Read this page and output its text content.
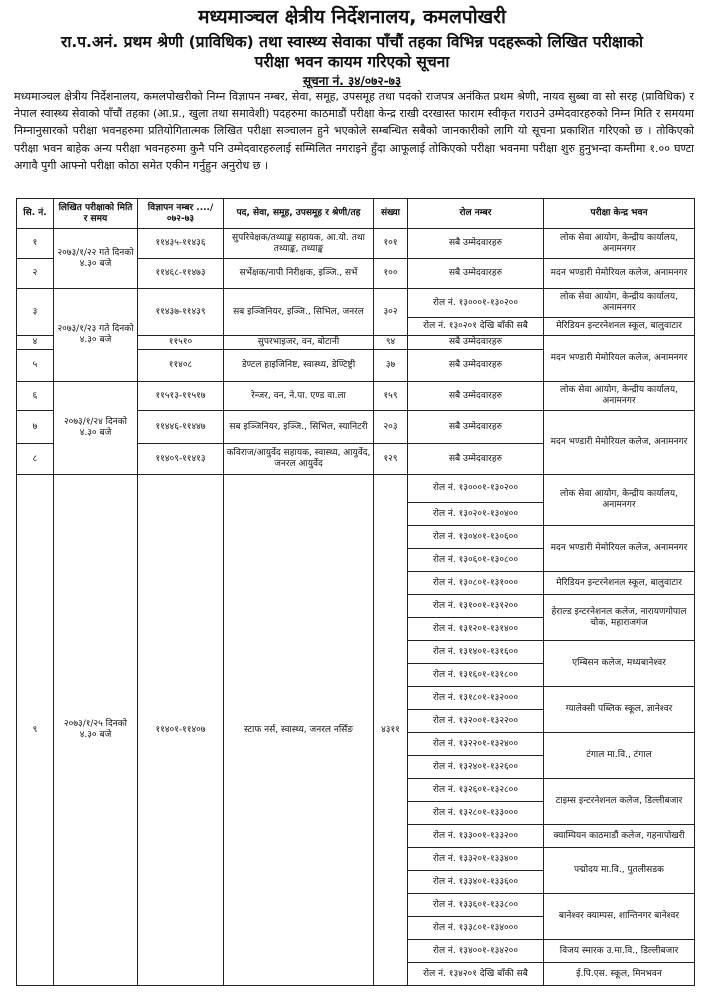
मध्यमाञ्चल क्षेत्रीय निर्देशनालय, कमलपोखरी
रा.प.अनं. प्रथम श्रेणी (प्राविधिक) तथा स्वास्थ्य सेवाका पाँचौं तहका विभिन्न पदहरूको लिखित परीक्षाको
परीक्षा भवन कायम गरिएको सूचना
सूचना नं. ३४/०७२-७३

मध्यमाञ्चल क्षेत्रीय निर्देशनालय, कमलपोखरीको निम्न विज्ञापन नम्बर, सेवा, समूह, उपसमूह तथा पदको राजपत्र अनंकित प्रथम श्रेणी, नायव सुब्बा वा सो सरह (प्राविधिक) र नेपाल स्वास्थ्य सेवाको पाँचौं तहका (आ.प्र., खुला तथा समावेशी) पदहरुमा काठमाडौं परीक्षा केन्द्र राखी दरखास्त फाराम स्वीकृत गराउने उम्मेदवारहरुको निम्न मिति र समयमा निम्नानुसारको परीक्षा भवनहरुमा प्रतियोगितात्मक लिखित परीक्षा सञ्चालन हुने भएकोले सम्बन्धित सबैको जानकारीको लागि यो सूचना प्रकाशित गरिएको छ । तोकिएको परीक्षा भवन बाहेक अन्य परीक्षा भवनहरुमा कुनै पनि उम्मेदवारहरुलाई सम्मिलित नगराइने हुँदा आफूलाई तोकिएको परीक्षा भवनमा परीक्षा शुरु हुनुभन्दा कम्तीमा १.०० घण्टा अगावै पुगी आफ्नो परीक्षा कोठा समेत एकीन गर्नुहुन अनुरोध छ ।

सि. नं.	लिखित परीक्षाको मिति र समय	विज्ञापन नम्बर ..../०७२-७३	पद, सेवा, समूह, उपसमूह र श्रेणी/तह	संख्या	रोल नम्बर	परीक्षा केन्द्र भवन
१	२०७३/१/२२ गते दिनको ४.३० बजे	११४३५-११४३६	सुपरिवेक्षक/तथ्याङ्क सहायक, आ.यो. तथा तथ्याङ्क, तथ्याङ्क	१०१	सबै उम्मेदवारहरु	लोक सेवा आयोग, केन्द्रीय कार्यालय, अनामनगर
२		११४६८-११४७३	सर्भेक्षक/नापी निरीक्षक, इञ्जि., सर्भे	१००	सबै उम्मेदवारहरु	मदन भण्डारी मेमोरियल कलेज, अनामनगर
३	२०७३/१/२३ गते दिनको ४.३० बजे	११४३७-११४३९	सब इञ्जिनियर, इञ्जि., सिभिल, जनरल	३०२	रोल नं. १३०००१-१३०२००	लोक सेवा आयोग, केन्द्रीय कार्यालय, अनामनगर
					रोल नं. १३०२०१ देखि बाँकी सबै	मेरिडियन इन्टरनेशनल स्कूल, बालुवाटार
४		११५१०	सुपरभाइजर, वन, बोटानी	९४	सबै उम्मेदवारहरु	मदन भण्डारी मेमोरियल कलेज, अनामनगर
५		११४०८	डेण्टल हाइजिनिष्ट, स्वास्थ्य, डेण्टिष्ट्री	३७	सबै उम्मेदवारहरु	
६	२०७३/१/२४ दिनको ४.३० बजे	११५१३-११५१७	रेन्जर, वन, ने.पा. एण्ड वा.ला	१५९	सबै उम्मेदवारहरु	लोक सेवा आयोग, केन्द्रीय कार्यालय, अनामनगर
७		११४४६-११४४७	सब इञ्जिनियर, इञ्जि., सिभिल, स्यानिटरी	२०३	सबै उम्मेदवारहरु	मदन भण्डारी मेमोरियल कलेज, अनामनगर
८		११४०९-११४१३	कविराज/आयुर्वेद सहायक, स्वास्थ्य, आयुर्वेद, जनरल आयुर्वेद	१२९	सबै उम्मेदवारहरु	
९	२०७३/१/२५ दिनको ४.३० बजे	११४०१-११४०७	स्टाफ नर्स, स्वास्थ्य, जनरल नर्सिङ	४३११	रोल नं. १३०००१-१३०२००	लोक सेवा आयोग, केन्द्रीय कार्यालय, अनामनगर
					रोल नं. १३०२०१-१३०४००	
					रोल नं. १३०४०१-१३०६००	मदन भण्डारी मेमोरियल कलेज, अनामनगर
					रोल नं. १३०६०१-१३०८००	
					रोल नं. १३०८०१-१३१०००	मेरिडियन इन्टरनेशनल स्कूल, बालुवाटार
					रोल नं. १३१००१-१३१२००	हेराल्ड इन्टरनेशनल कलेज, नारायणगोपाल चोक, महाराजगंज
					रोल नं. १३१२०१-१३१४००	
					रोल नं. १३१४०१-१३१६००	एम्बिसन कलेज, मध्यबानेश्वर
					रोल नं. १३१६०१-१३१८००	
					रोल नं. १३१८०१-१३२०००	ग्यालेक्सी पब्लिक स्कूल, ज्ञानेश्वर
					रोल नं. १३२००१-१३२२००	
					रोल नं. १३२२०१-१३२४००	टंगाल मा.वि., टंगाल
					रोल नं. १३२४०१-१३२६००	
					रोल नं. १३२६०१-१३२८००	टाइम्स इन्टरनेशनल कलेज, डिल्लीबजार
					रोल नं. १३२८०१-१३३०००	
					रोल नं. १३३००१-१३३२००	क्याम्पियन काठमाडौं कलेज, गहनापोखरी
					रोल नं. १३३२०१-१३३४००	पद्मोदय मा.वि., पुतलीसडक
					रोल नं. १३३४०१-१३३६००	
					रोल नं. १३३६०१-१३३८००	बानेश्वर क्याम्पस, शान्तिनगर बानेश्वर
					रोल नं. १३३८०१-१३४०००	
					रोल नं. १३४००१-१३४२००	विजय स्मारक उ.मा.वि., डिल्लीबजार
					रोल नं. १३४२०१ देखि बाँकी सबै	ई.पि.एस. स्कूल, मिनभवन
